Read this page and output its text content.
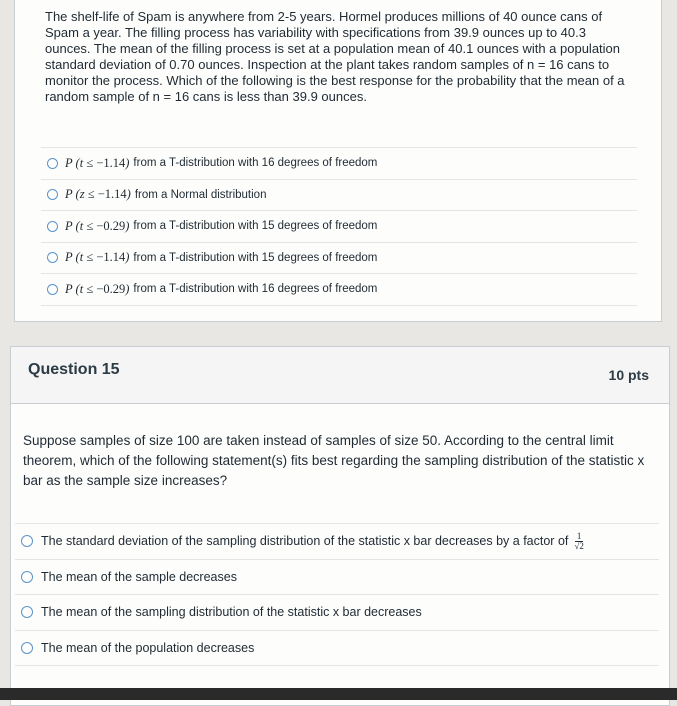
The shelf-life of Spam is anywhere from 2-5 years. Hormel produces millions of 40 ounce cans of Spam a year. The filling process has variability with specifications from 39.9 ounces up to 40.3 ounces. The mean of the filling process is set at a population mean of 40.1 ounces with a population standard deviation of 0.70 ounces. Inspection at the plant takes random samples of n = 16 cans to monitor the process. Which of the following is the best response for the probability that the mean of a random sample of n = 16 cans is less than 39.9 ounces.
P (t ≤ −1.14) from a T-distribution with 16 degrees of freedom
P (z ≤ −1.14) from a Normal distribution
P (t ≤ −0.29) from a T-distribution with 15 degrees of freedom
P (t ≤ −1.14) from a T-distribution with 15 degrees of freedom
P (t ≤ −0.29) from a T-distribution with 16 degrees of freedom
Question 15	10 pts
Suppose samples of size 100 are taken instead of samples of size 50. According to the central limit theorem, which of the following statement(s) fits best regarding the sampling distribution of the statistic x bar as the sample size increases?
The standard deviation of the sampling distribution of the statistic x bar decreases by a factor of $\frac{1}{√2}$
The mean of the sample decreases
The mean of the sampling distribution of the statistic x bar decreases
The mean of the population decreases
